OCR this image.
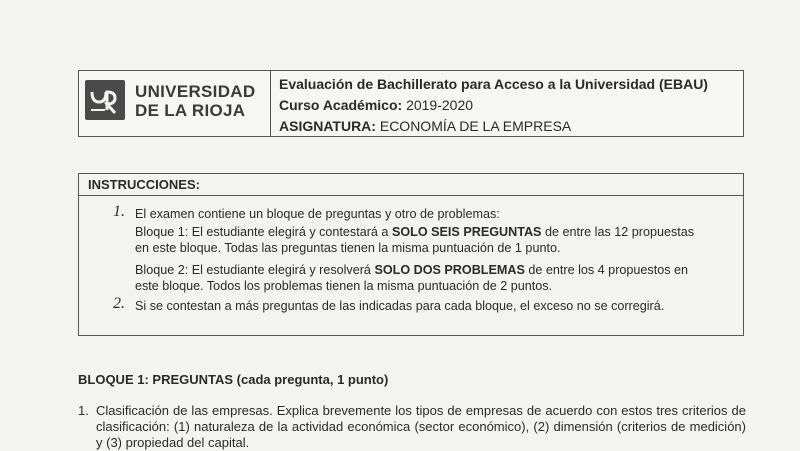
UNIVERSIDAD
DE LA RIOJA
Evaluación de Bachillerato para Acceso a la Universidad (EBAU)
Curso Académico: 2019-2020
ASIGNATURA: ECONOMÍA DE LA EMPRESA
INSTRUCCIONES:
1. El examen contiene un bloque de preguntas y otro de problemas:
Bloque 1: El estudiante elegirá y contestará a SOLO SEIS PREGUNTAS de entre las 12 propuestas
en este bloque. Todas las preguntas tienen la misma puntuación de 1 punto.
Bloque 2: El estudiante elegirá y resolverá SOLO DOS PROBLEMAS de entre los 4 propuestos en
este bloque. Todos los problemas tienen la misma puntuación de 2 puntos.
2. Si se contestan a más preguntas de las indicadas para cada bloque, el exceso no se corregirá.
BLOQUE 1: PREGUNTAS (cada pregunta, 1 punto)
1. Clasificación de las empresas. Explica brevemente los tipos de empresas de acuerdo con estos tres criterios de clasificación: (1) naturaleza de la actividad económica (sector económico), (2) dimensión (criterios de medición) y (3) propiedad del capital.
